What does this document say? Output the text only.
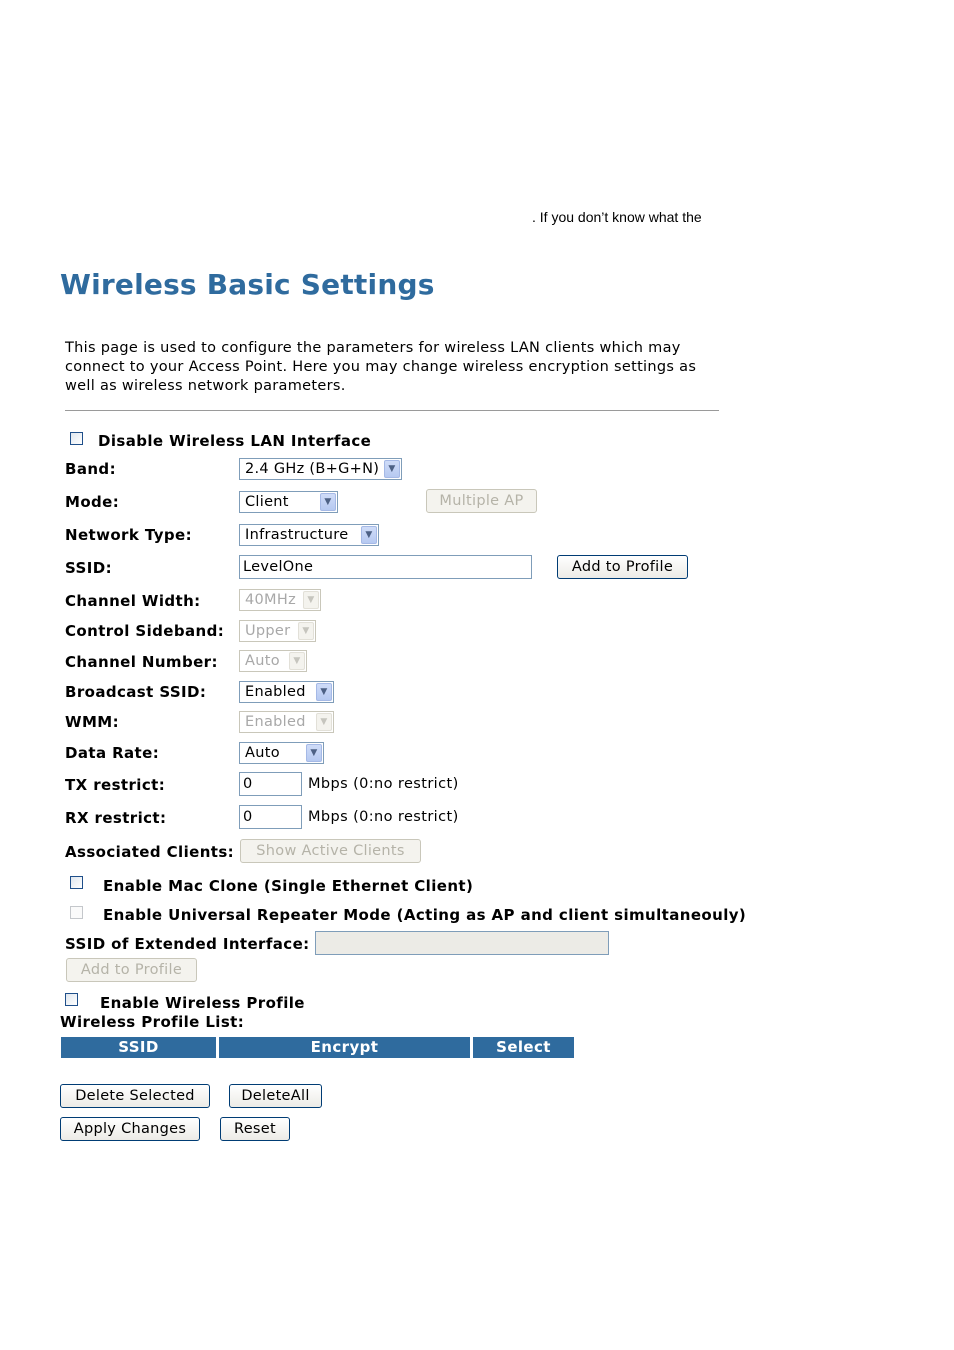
. If you don’t know what the
Wireless Basic Settings
This page is used to configure the parameters for wireless LAN clients which may connect to your Access Point. Here you may change wireless encryption settings as well as wireless network parameters.
Disable Wireless LAN Interface
Band:	2.4 GHz (B+G+N)	▼
Mode:	Client	▼	Multiple AP
Network Type:	Infrastructure	▼
SSID:	LevelOne	Add to Profile
Channel Width:	40MHz	▼
Control Sideband:	Upper	▼
Channel Number:	Auto	▼
Broadcast SSID:	Enabled	▼
WMM:	Enabled	▼
Data Rate:	Auto	▼
TX restrict:	0	Mbps (0:no restrict)
RX restrict:	0	Mbps (0:no restrict)
Associated Clients:	Show Active Clients
Enable Mac Clone (Single Ethernet Client)
Enable Universal Repeater Mode (Acting as AP and client simultaneouly)
SSID of Extended Interface:
Add to Profile
Enable Wireless Profile
Wireless Profile List:
SSID	Encrypt	Select
Delete Selected	DeleteAll
Apply Changes	Reset
